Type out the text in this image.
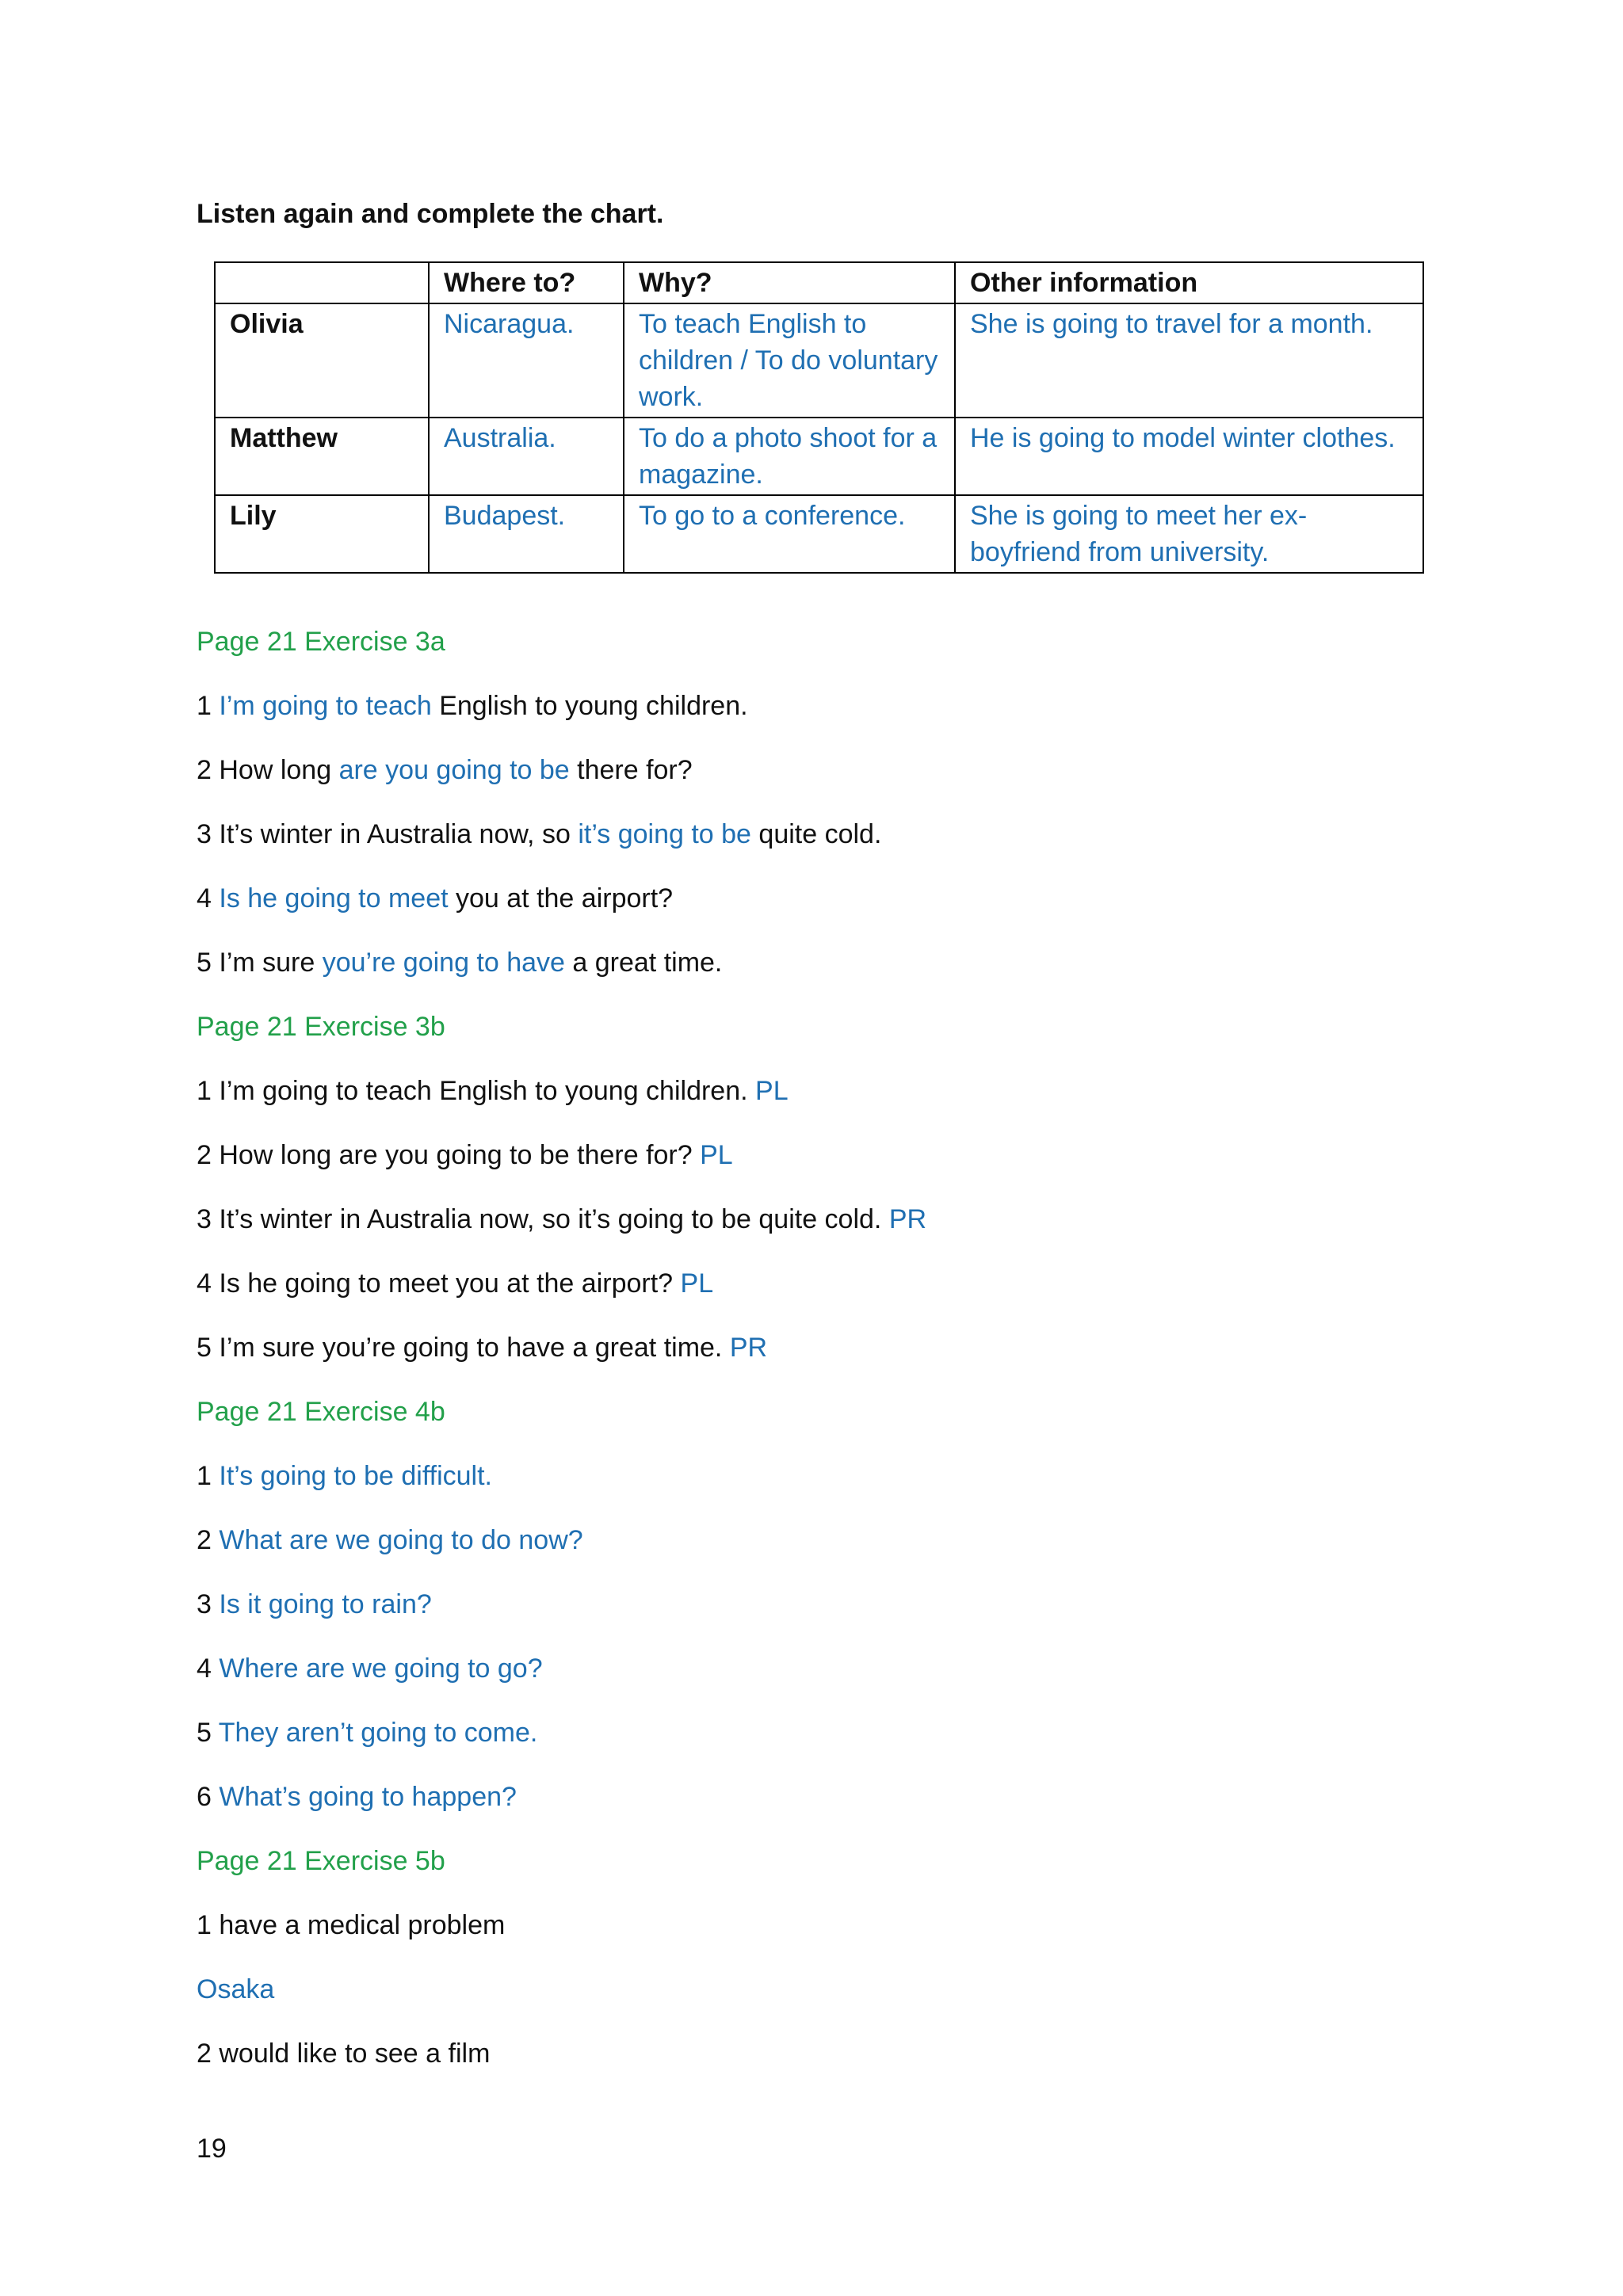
Listen again and complete the chart.

	Where to?	Why?	Other information
Olivia	Nicaragua.	To teach English to children / To do voluntary work.	She is going to travel for a month.
Matthew	Australia.	To do a photo shoot for a magazine.	He is going to model winter clothes.
Lily	Budapest.	To go to a conference.	She is going to meet her ex-boyfriend from university.
Page 21 Exercise 3a
1 I’m going to teach English to young children.
2 How long are you going to be there for?
3 It’s winter in Australia now, so it’s going to be quite cold.
4 Is he going to meet you at the airport?
5 I’m sure you’re going to have a great time.
Page 21 Exercise 3b
1 I’m going to teach English to young children. PL
2 How long are you going to be there for? PL
3 It’s winter in Australia now, so it’s going to be quite cold. PR
4 Is he going to meet you at the airport? PL
5 I’m sure you’re going to have a great time. PR
Page 21 Exercise 4b
1 It’s going to be difficult.
2 What are we going to do now?
3 Is it going to rain?
4 Where are we going to go?
5 They aren’t going to come.
6 What’s going to happen?
Page 21 Exercise 5b
1 have a medical problem
Osaka
2 would like to see a film
19
